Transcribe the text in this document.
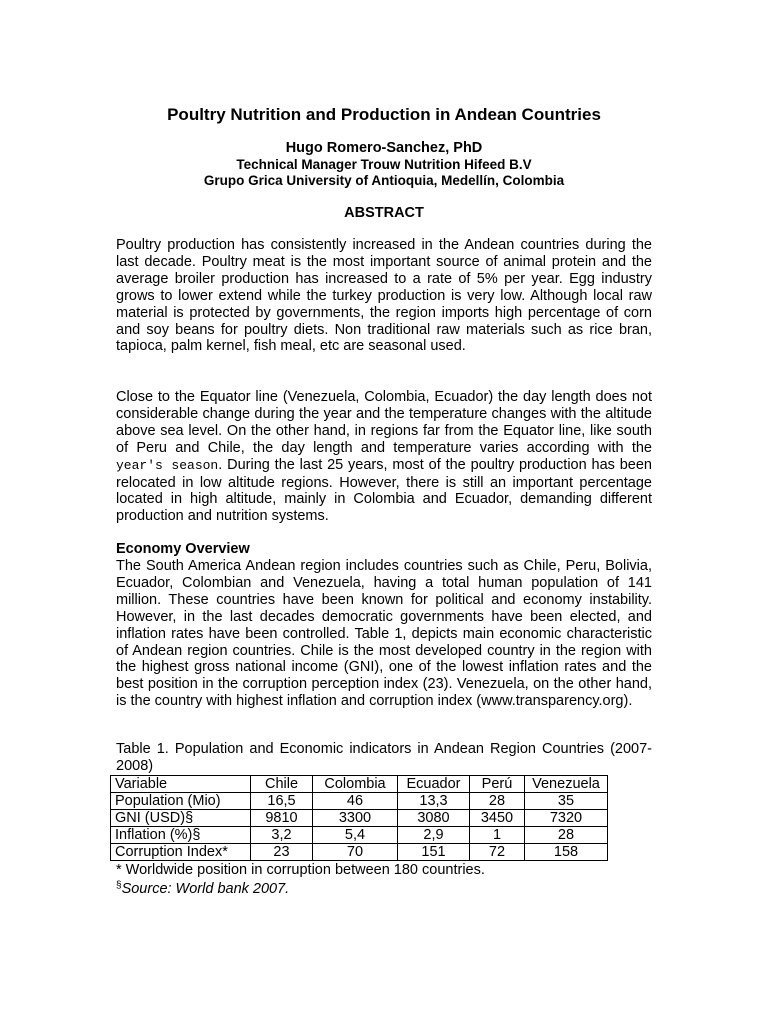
Poultry Nutrition and Production in Andean Countries
Hugo Romero-Sanchez, PhD
Technical Manager Trouw Nutrition Hifeed B.V
Grupo Grica University of Antioquia, Medellín, Colombia
ABSTRACT

Poultry production has consistently increased in the Andean countries during the last decade. Poultry meat is the most important source of animal protein and the average broiler production has increased to a rate of 5% per year. Egg industry grows to lower extend while the turkey production is very low. Although local raw material is protected by governments, the region imports high percentage of corn and soy beans for poultry diets. Non traditional raw materials such as rice bran, tapioca, palm kernel, fish meal, etc are seasonal used.

Close to the Equator line (Venezuela, Colombia, Ecuador) the day length does not considerable change during the year and the temperature changes with the altitude above sea level. On the other hand, in regions far from the Equator line, like south of Peru and Chile, the day length and temperature varies according with the year's season. During the last 25 years, most of the poultry production has been relocated in low altitude regions. However, there is still an important percentage located in high altitude, mainly in Colombia and Ecuador, demanding different production and nutrition systems.

Economy Overview

The South America Andean region includes countries such as Chile, Peru, Bolivia, Ecuador, Colombian and Venezuela, having a total human population of 141 million. These countries have been known for political and economy instability. However, in the last decades democratic governments have been elected, and inflation rates have been controlled. Table 1, depicts main economic characteristic of Andean region countries. Chile is the most developed country in the region with the highest gross national income (GNI), one of the lowest inflation rates and the best position in the corruption perception index (23). Venezuela, on the other hand, is the country with highest inflation and corruption index (www.transparency.org).

Table 1. Population and Economic indicators in Andean Region Countries (2007-2008)

Variable	Chile	Colombia	Ecuador	Perú	Venezuela
Population (Mio)	16,5	46	13,3	28	35
GNI (USD)§	9810	3300	3080	3450	7320
Inflation (%)§	3,2	5,4	2,9	1	28
Corruption Index*	23	70	151	72	158
* Worldwide position in corruption between 180 countries.
§Source: World bank 2007.
